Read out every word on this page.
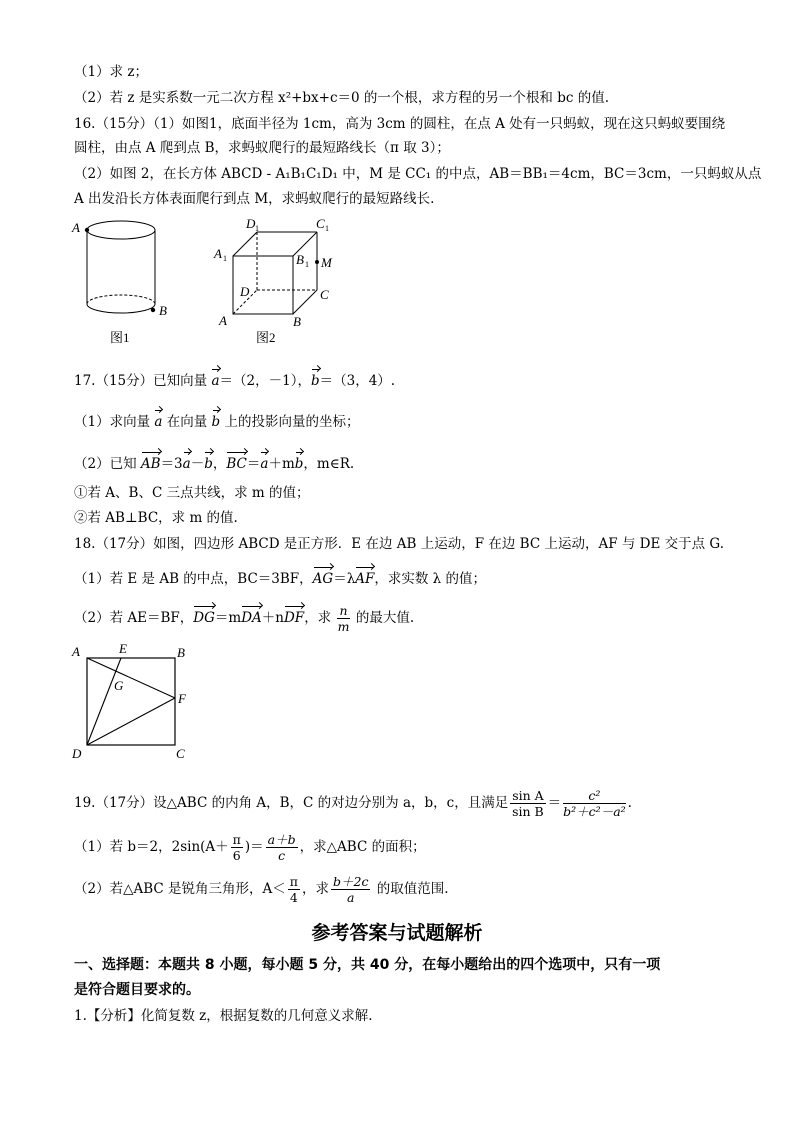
（1）求 z；
（2）若 z 是实系数一元二次方程 x²+bx+c＝0 的一个根，求方程的另一个根和 bc 的值.
16.（15分）（1）如图1，底面半径为 1cm，高为 3cm 的圆柱，在点 A 处有一只蚂蚁，现在这只蚂蚁要围绕
圆柱，由点 A 爬到点 B，求蚂蚁爬行的最短路线长（π 取 3）；
（2）如图 2，在长方体 ABCD - A₁B₁C₁D₁ 中，M 是 CC₁ 的中点，AB＝BB₁＝4cm，BC＝3cm，一只蚂蚁从点
A 出发沿长方体表面爬行到点 M，求蚂蚁爬行的最短路线长.
A
B
图1
D 1	C 1
A 1	B 1 M
D	C
A	B
图2
17.（15分）已知向量 a＝（2，－1），b＝（3，4）.
（1）求向量 a 在向量 b 上的投影向量的坐标；
（2）已知 AB＝3a－b，BC＝a＋mb，m∈R.
①若 A、B、C 三点共线，求 m 的值；
②若 AB⊥BC，求 m 的值.
18.（17分）如图，四边形 ABCD 是正方形．E 在边 AB 上运动，F 在边 BC 上运动，AF 与 DE 交于点 G.
（1）若 E 是 AB 的中点，BC＝3BF，AG＝λAF，求实数 λ 的值；
（2）若 AE＝BF，DG＝mDA＋nDF，求 $\frac{n}{m}$ 的最大值.
A	E	B
G
F
D	C
19.（17分）设△ABC 的内角 A，B，C 的对边分别为 a，b，c，且满足 $\frac{\text{sin A}}{\text{sin B}} = \frac{\text{c²}}{\text{b²＋c²－a²}}$ .
（1）若 b＝2，$2\sin(A+ \frac{\pi}{6}$ )＝ $\frac{a+b}{c}$ ，求△ABC 的面积；
（2）若△ABC 是锐角三角形，$A< \frac{\pi}{4}$ ，求 $\frac{b+2c}{a}$ 的取值范围.
参考答案与试题解析
一、选择题：本题共 8 小题，每小题 5 分，共 40 分，在每小题给出的四个选项中，只有一项
是符合题目要求的。
1.【分析】化简复数 z，根据复数的几何意义求解.
